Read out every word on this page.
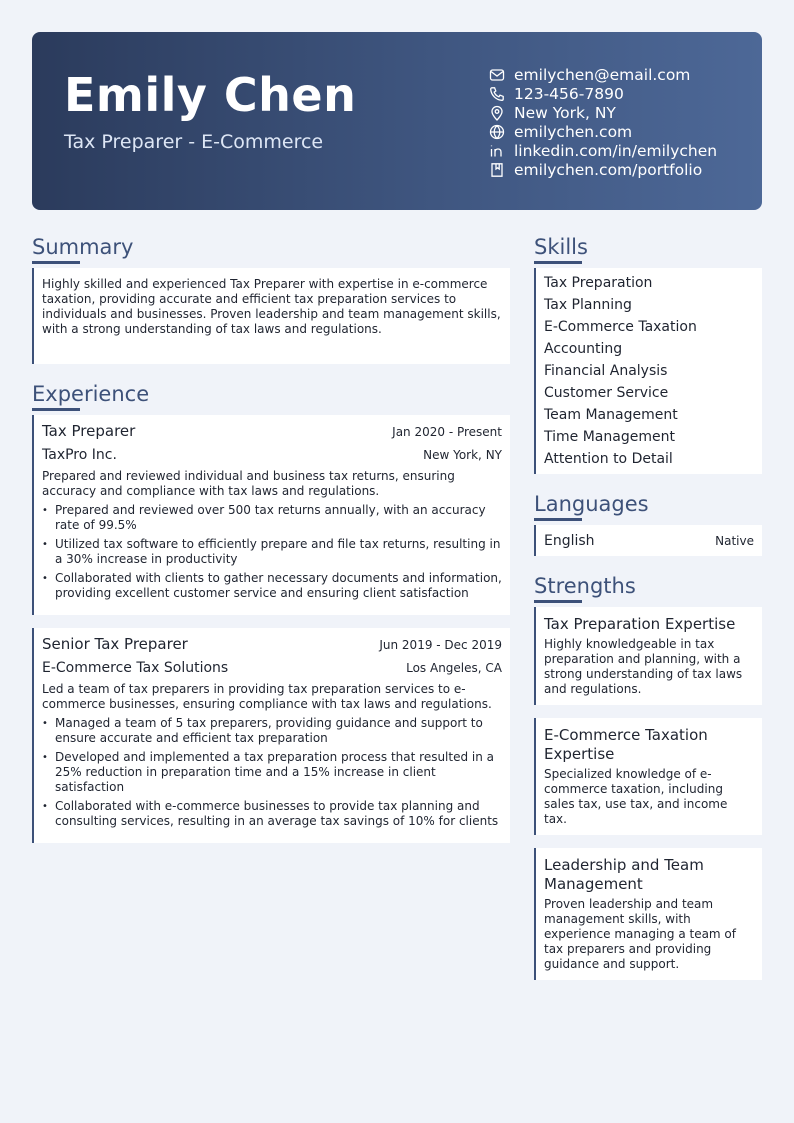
Emily Chen
Tax Preparer - E-Commerce
emilychen@email.com
123-456-7890
New York, NY
emilychen.com
linkedin.com/in/emilychen
emilychen.com/portfolio
Summary
Highly skilled and experienced Tax Preparer with expertise in e-commerce taxation, providing accurate and efficient tax preparation services to individuals and businesses. Proven leadership and team management skills, with a strong understanding of tax laws and regulations.
Experience
Tax Preparer	Jan 2020 - Present
TaxPro Inc.	New York, NY
Prepared and reviewed individual and business tax returns, ensuring accuracy and compliance with tax laws and regulations.
• Prepared and reviewed over 500 tax returns annually, with an accuracy rate of 99.5%
• Utilized tax software to efficiently prepare and file tax returns, resulting in a 30% increase in productivity
• Collaborated with clients to gather necessary documents and information, providing excellent customer service and ensuring client satisfaction
Senior Tax Preparer	Jun 2019 - Dec 2019
E-Commerce Tax Solutions	Los Angeles, CA
Led a team of tax preparers in providing tax preparation services to e-commerce businesses, ensuring compliance with tax laws and regulations.
• Managed a team of 5 tax preparers, providing guidance and support to ensure accurate and efficient tax preparation
• Developed and implemented a tax preparation process that resulted in a 25% reduction in preparation time and a 15% increase in client satisfaction
• Collaborated with e-commerce businesses to provide tax planning and consulting services, resulting in an average tax savings of 10% for clients
Skills
Tax Preparation
Tax Planning
E-Commerce Taxation
Accounting
Financial Analysis
Customer Service
Team Management
Time Management
Attention to Detail
Languages
English	Native
Strengths
Tax Preparation Expertise
Highly knowledgeable in tax preparation and planning, with a strong understanding of tax laws and regulations.
E-Commerce Taxation Expertise
Specialized knowledge of e-commerce taxation, including sales tax, use tax, and income tax.
Leadership and Team Management
Proven leadership and team management skills, with experience managing a team of tax preparers and providing guidance and support.
